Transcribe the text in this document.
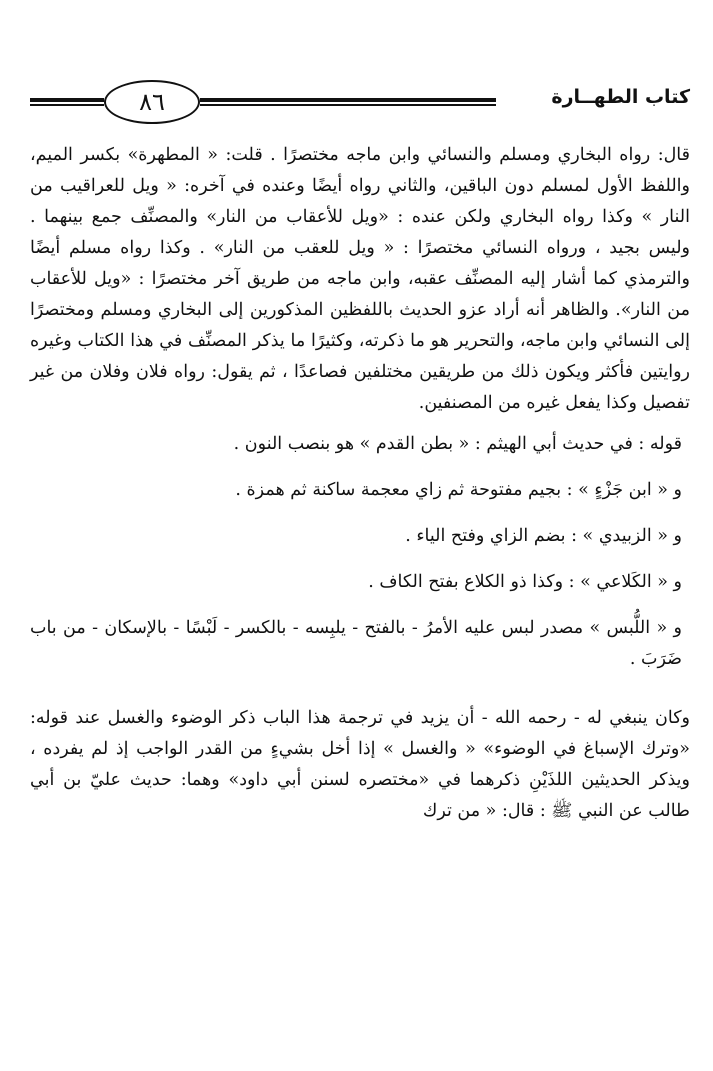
٨٦	كتاب الطهــارة

قال: رواه البخاري ومسلم والنسائي وابن ماجه مختصرًا . قلت: « المطهرة» بكسر الميم، واللفظ الأول لمسلم دون الباقين، والثاني رواه أيضًا وعنده في آخره: « ويل للعراقيب من النار » وكذا رواه البخاري ولكن عنده : «ويل للأعقاب من النار» والمصنِّف جمع بينهما . وليس بجيد ، ورواه النسائي مختصرًا : « ويل للعقب من النار» . وكذا رواه مسلم أيضًا والترمذي كما أشار إليه المصنِّف عقبه، وابن ماجه من طريق آخر مختصرًا : «ويل للأعقاب من النار». والظاهر أنه أراد عزو الحديث باللفظين المذكورين إلى البخاري ومسلم ومختصرًا إلى النسائي وابن ماجه، والتحرير هو ما ذكرته، وكثيرًا ما يذكر المصنِّف في هذا الكتاب وغيره روايتين فأكثر ويكون ذلك من طريقين مختلفين فصاعدًا ، ثم يقول: رواه فلان وفلان من غير تفصيل وكذا يفعل غيره من المصنفين.

قوله : في حديث أبي الهيثم : « بطن القدم » هو بنصب النون .

و « ابن جَزْءٍ » : بجيم مفتوحة ثم زاي معجمة ساكنة ثم همزة .

و « الزبيدي » : بضم الزاي وفتح الياء .

و « الكَلاعي » : وكذا ذو الكلاع بفتح الكاف .

و « اللُّبس » مصدر لبس عليه الأمرُ - بالفتح - يلبِسه - بالكسر - لَبْسًا - بالإسكان - من باب ضَرَبَ .

وكان ينبغي له - رحمه الله - أن يزيد في ترجمة هذا الباب ذكر الوضوء والغسل عند قوله: «وترك الإسباغ في الوضوء» « والغسل » إذا أخل بشيءٍ من القدر الواجب إذ لم يفرده ، ويذكر الحديثين اللذَيْنِ ذكرهما في «مختصره لسنن أبي داود» وهما: حديث عليّ بن أبي طالب عن النبي ﷺ : قال: « من ترك
